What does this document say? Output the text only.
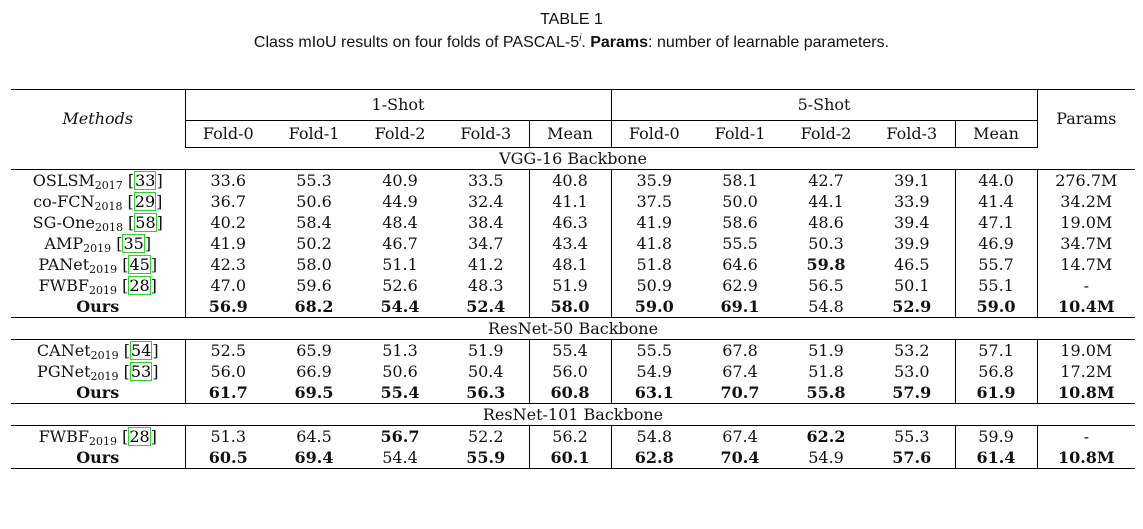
TABLE 1
Class mIoU results on four folds of PASCAL-5$^i$. Params: number of learnable parameters.
Methods	1-Shot					5-Shot					Params
	Fold-0	Fold-1	Fold-2	Fold-3	Mean	Fold-0	Fold-1	Fold-2	Fold-3	Mean	
VGG-16 Backbone											
$OSLSM_{2017}$ [33]	33.6	55.3	40.9	33.5	40.8	35.9	58.1	42.7	39.1	44.0	276.7M
$co-FCN_{2018}$ [29]	36.7	50.6	44.9	32.4	41.1	37.5	50.0	44.1	33.9	41.4	34.2M
SG-One$_{2018}$ [58]	40.2	58.4	48.4	38.4	46.3	41.9	58.6	48.6	39.4	47.1	19.0M
$AMP_{2019}$ [35]	41.9	50.2	46.7	34.7	43.4	41.8	55.5	50.3	39.9	46.9	34.7M
PANet$_{2019}$ [45]	42.3	58.0	51.1	41.2	48.1	51.8	64.6	59.8	46.5	55.7	14.7M
$FWBF_{2019}$ [28]	47.0	59.6	52.6	48.3	51.9	50.9	62.9	56.5	50.1	55.1	-
Ours	56.9	68.2	54.4	52.4	58.0	59.0	69.1	54.8	52.9	59.0	10.4M
ResNet-50 Backbone											
CANet$_{2019}$ [54]	52.5	65.9	51.3	51.9	55.4	55.5	67.8	51.9	53.2	57.1	19.0M
PGNet$_{2019}$ [53]	56.0	66.9	50.6	50.4	56.0	54.9	67.4	51.8	53.0	56.8	17.2M
Ours	61.7	69.5	55.4	56.3	60.8	63.1	70.7	55.8	57.9	61.9	10.8M
ResNet-101 Backbone											
$FWBF_{2019}$ [28]	51.3	64.5	56.7	52.2	56.2	54.8	67.4	62.2	55.3	59.9	-
Ours	60.5	69.4	54.4	55.9	60.1	62.8	70.4	54.9	57.6	61.4	10.8M
